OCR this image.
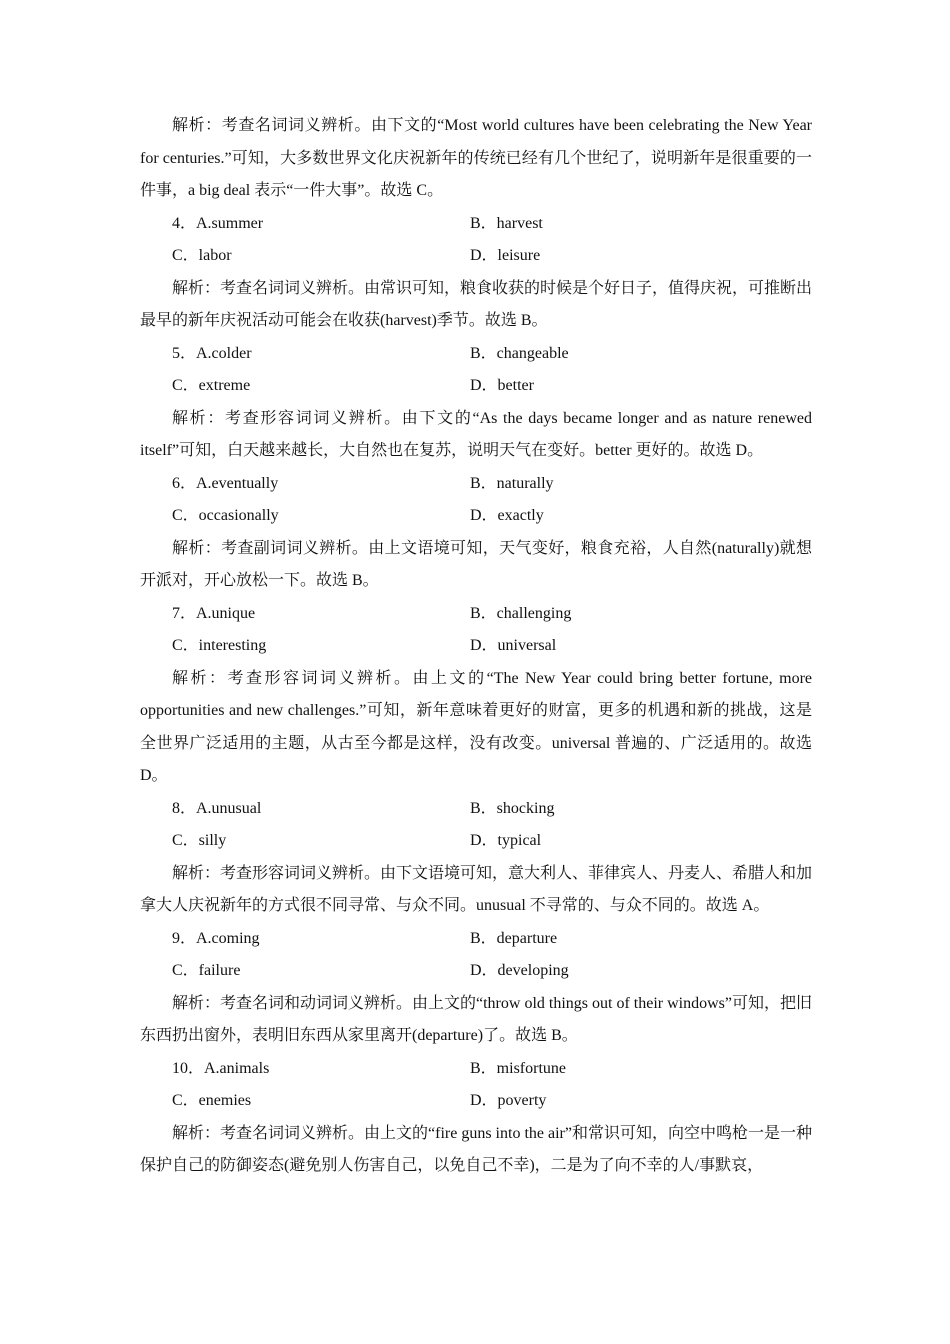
解析：考查名词词义辨析。由下文的“Most world cultures have been celebrating the New Year for centuries.”可知，大多数世界文化庆祝新年的传统已经有几个世纪了，说明新年是很重要的一件事，a big deal 表示“一件大事”。故选 C。

4．A.summer	B．harvest
C．labor	D．leisure

解析：考查名词词义辨析。由常识可知，粮食收获的时候是个好日子，值得庆祝，可推断出最早的新年庆祝活动可能会在收获(harvest)季节。故选 B。

5．A.colder	B．changeable
C．extreme	D．better

解析：考查形容词词义辨析。由下文的“As the days became longer and as nature renewed itself”可知，白天越来越长，大自然也在复苏，说明天气在变好。better 更好的。故选 D。

6．A.eventually	B．naturally
C．occasionally	D．exactly

解析：考查副词词义辨析。由上文语境可知，天气变好，粮食充裕，人自然(naturally)就想开派对，开心放松一下。故选 B。

7．A.unique	B．challenging
C．interesting	D．universal

解析：考查形容词词义辨析。由上文的“The New Year could bring better fortune, more opportunities and new challenges.”可知，新年意味着更好的财富，更多的机遇和新的挑战，这是全世界广泛适用的主题，从古至今都是这样，没有改变。universal 普遍的、广泛适用的。故选 D。

8．A.unusual	B．shocking
C．silly	D．typical

解析：考查形容词词义辨析。由下文语境可知，意大利人、菲律宾人、丹麦人、希腊人和加拿大人庆祝新年的方式很不同寻常、与众不同。unusual 不寻常的、与众不同的。故选 A。

9．A.coming	B．departure
C．failure	D．developing

解析：考查名词和动词词义辨析。由上文的“throw old things out of their windows”可知，把旧东西扔出窗外，表明旧东西从家里离开(departure)了。故选 B。

10．A.animals	B．misfortune
C．enemies	D．poverty

解析：考查名词词义辨析。由上文的“fire guns into the air”和常识可知，向空中鸣枪一是一种保护自己的防御姿态(避免别人伤害自己，以免自己不幸)，二是为了向不幸的人/事默哀，
